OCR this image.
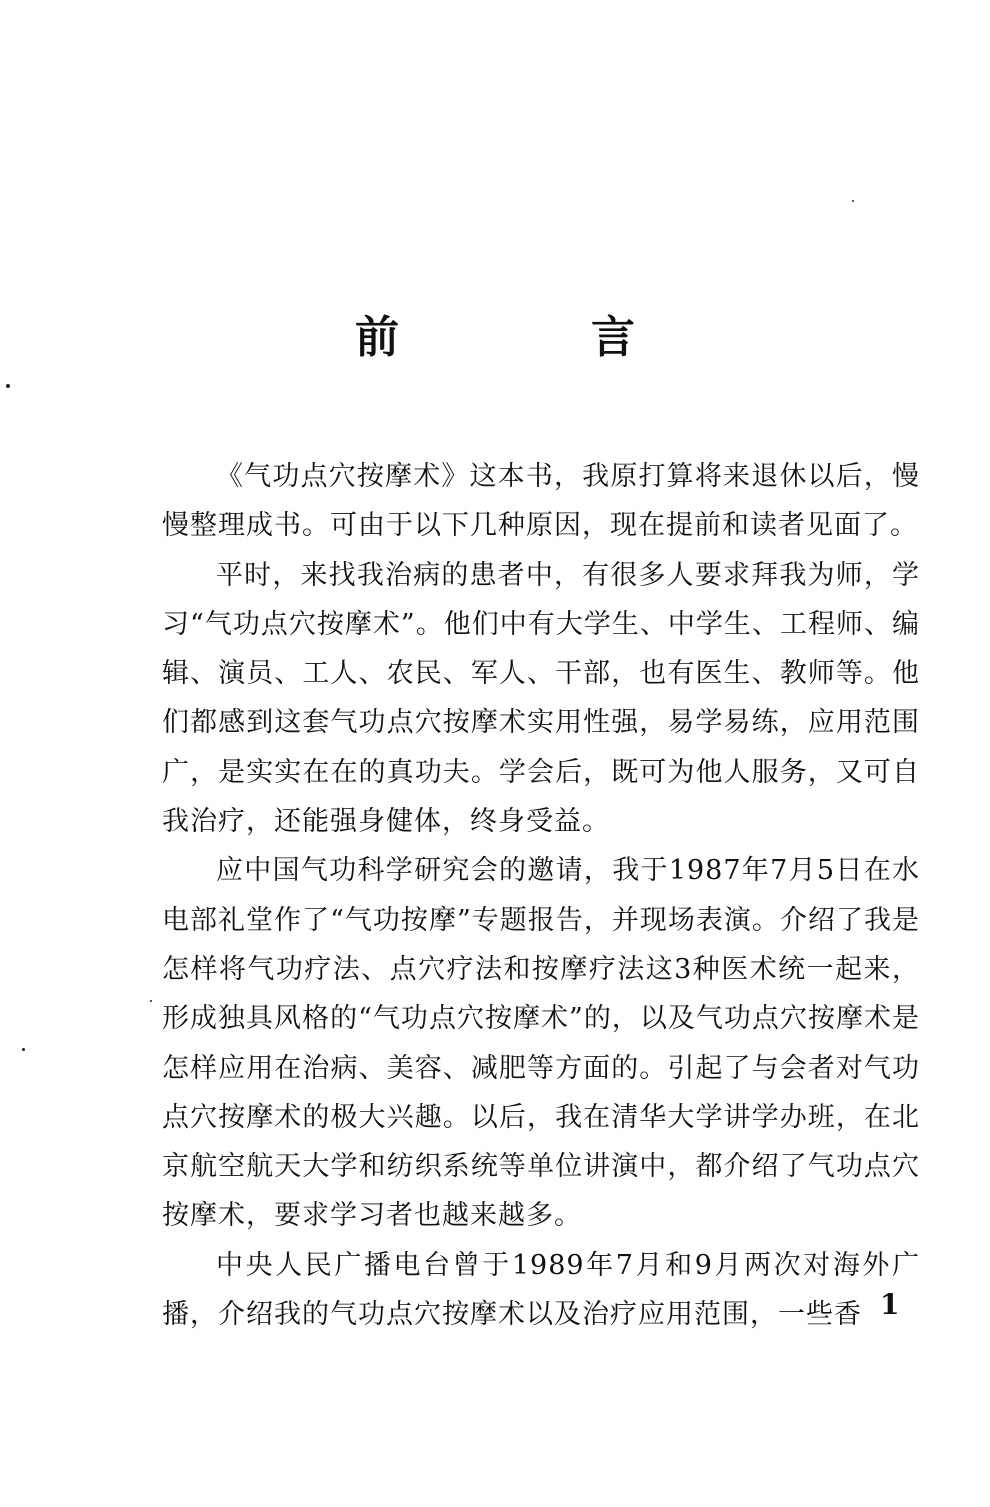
前　言

《气功点穴按摩术》这本书，我原打算将来退休以后，慢慢整理成书。可由于以下几种原因，现在提前和读者见面了。

平时，来找我治病的患者中，有很多人要求拜我为师，学习“气功点穴按摩术”。他们中有大学生、中学生、工程师、编辑、演员、工人、农民、军人、干部，也有医生、教师等。他们都感到这套气功点穴按摩术实用性强，易学易练，应用范围广，是实实在在的真功夫。学会后，既可为他人服务，又可自我治疗，还能强身健体，终身受益。

应中国气功科学研究会的邀请，我于1987年7月5日在水电部礼堂作了“气功按摩”专题报告，并现场表演。介绍了我是怎样将气功疗法、点穴疗法和按摩疗法这3种医术统一起来，形成独具风格的“气功点穴按摩术”的，以及气功点穴按摩术是怎样应用在治病、美容、减肥等方面的。引起了与会者对气功点穴按摩术的极大兴趣。以后，我在清华大学讲学办班，在北京航空航天大学和纺织系统等单位讲演中，都介绍了气功点穴按摩术，要求学习者也越来越多。

中央人民广播电台曾于1989年7月和9月两次对海外广播，介绍我的气功点穴按摩术以及治疗应用范围，一些香 1
